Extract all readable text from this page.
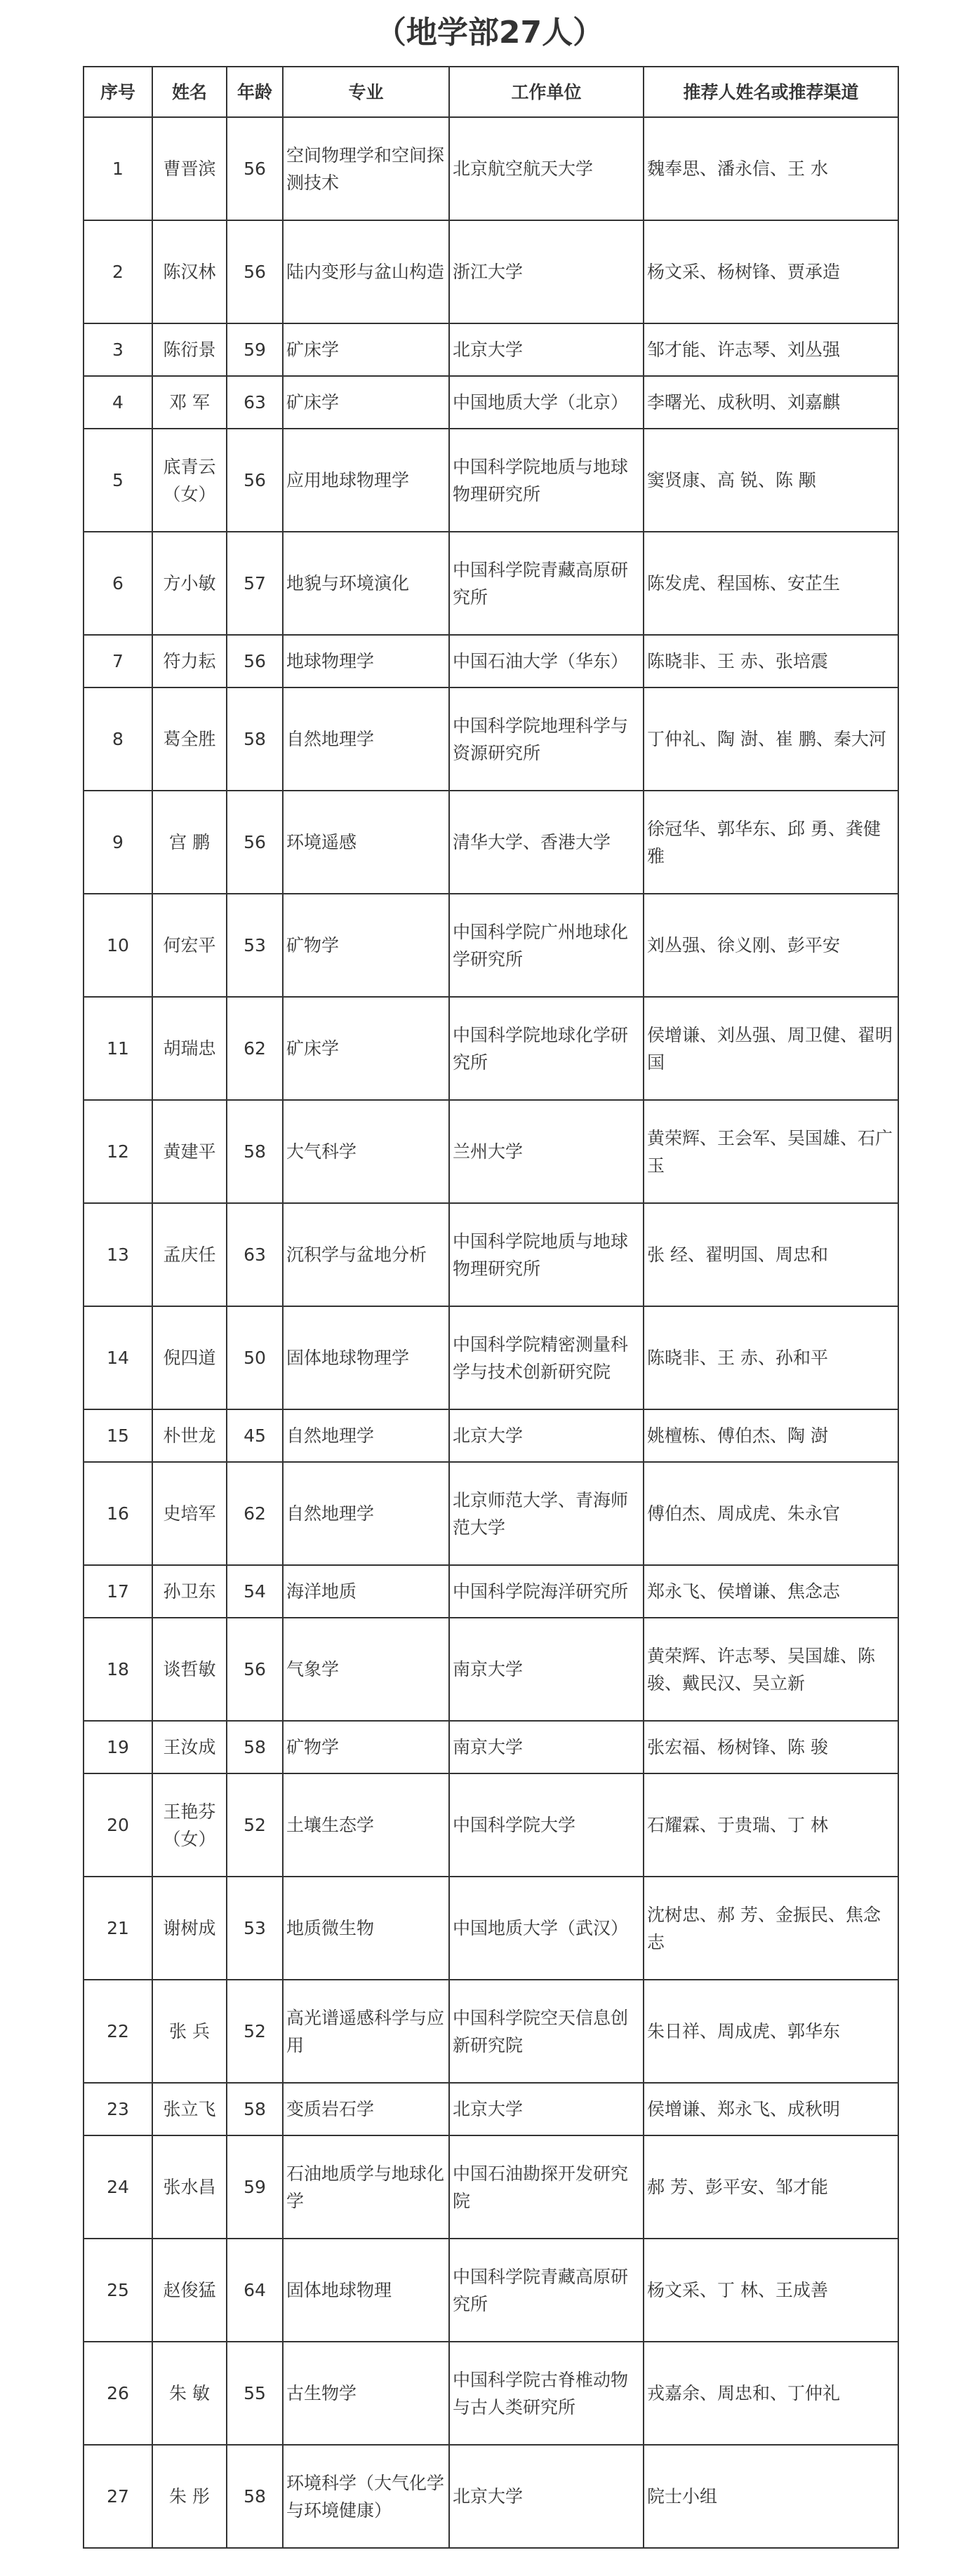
（地学部27人）
序号	姓名	年龄	专业	工作单位	推荐人姓名或推荐渠道
1	曹晋滨	56	空间物理学和空间探测技术	北京航空航天大学	魏奉思、潘永信、王 水
2	陈汉林	56	陆内变形与盆山构造	浙江大学	杨文采、杨树锋、贾承造
3	陈衍景	59	矿床学	北京大学	邹才能、许志琴、刘丛强
4	邓 军	63	矿床学	中国地质大学（北京）	李曙光、成秋明、刘嘉麒
5	底青云（女）	56	应用地球物理学	中国科学院地质与地球物理研究所	窦贤康、高 锐、陈 颙
6	方小敏	57	地貌与环境演化	中国科学院青藏高原研究所	陈发虎、程国栋、安芷生
7	符力耘	56	地球物理学	中国石油大学（华东）	陈晓非、王 赤、张培震
8	葛全胜	58	自然地理学	中国科学院地理科学与资源研究所	丁仲礼、陶 澍、崔 鹏、秦大河
9	宫 鹏	56	环境遥感	清华大学、香港大学	徐冠华、郭华东、邱 勇、龚健雅
10	何宏平	53	矿物学	中国科学院广州地球化学研究所	刘丛强、徐义刚、彭平安
11	胡瑞忠	62	矿床学	中国科学院地球化学研究所	侯增谦、刘丛强、周卫健、翟明国
12	黄建平	58	大气科学	兰州大学	黄荣辉、王会军、吴国雄、石广玉
13	孟庆任	63	沉积学与盆地分析	中国科学院地质与地球物理研究所	张 经、翟明国、周忠和
14	倪四道	50	固体地球物理学	中国科学院精密测量科学与技术创新研究院	陈晓非、王 赤、孙和平
15	朴世龙	45	自然地理学	北京大学	姚檀栋、傅伯杰、陶 澍
16	史培军	62	自然地理学	北京师范大学、青海师范大学	傅伯杰、周成虎、朱永官
17	孙卫东	54	海洋地质	中国科学院海洋研究所	郑永飞、侯增谦、焦念志
18	谈哲敏	56	气象学	南京大学	黄荣辉、许志琴、吴国雄、陈 骏、戴民汉、吴立新
19	王汝成	58	矿物学	南京大学	张宏福、杨树锋、陈 骏
20	王艳芬（女）	52	土壤生态学	中国科学院大学	石耀霖、于贵瑞、丁 林
21	谢树成	53	地质微生物	中国地质大学（武汉）	沈树忠、郝 芳、金振民、焦念志
22	张 兵	52	高光谱遥感科学与应用	中国科学院空天信息创新研究院	朱日祥、周成虎、郭华东
23	张立飞	58	变质岩石学	北京大学	侯增谦、郑永飞、成秋明
24	张水昌	59	石油地质学与地球化学	中国石油勘探开发研究院	郝 芳、彭平安、邹才能
25	赵俊猛	64	固体地球物理	中国科学院青藏高原研究所	杨文采、丁 林、王成善
26	朱 敏	55	古生物学	中国科学院古脊椎动物与古人类研究所	戎嘉余、周忠和、丁仲礼
27	朱 彤	58	环境科学（大气化学与环境健康）	北京大学	院士小组
